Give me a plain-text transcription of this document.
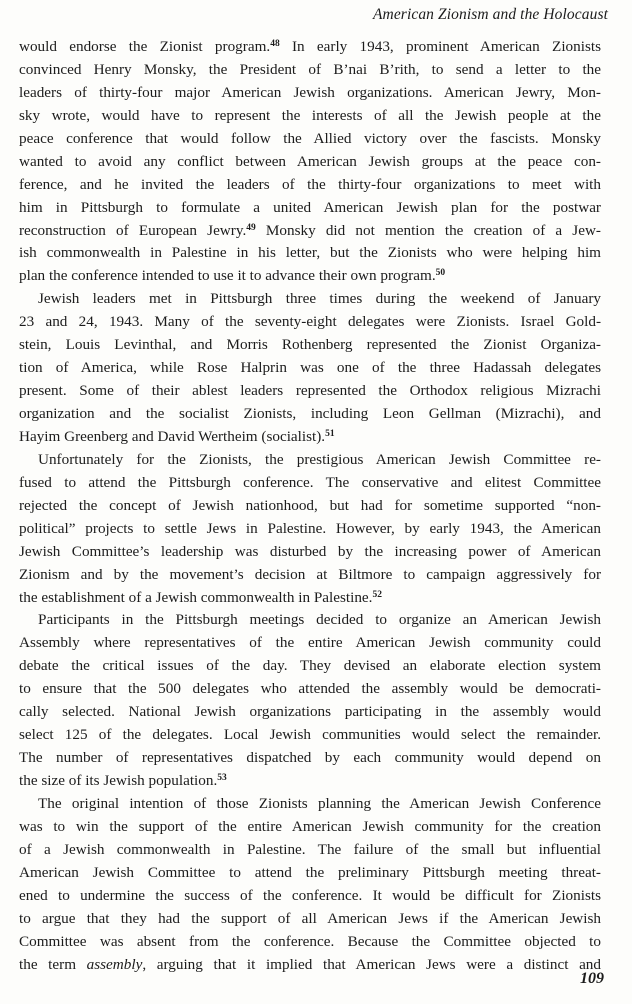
American Zionism and the Holocaust
would endorse the Zionist program.$^{48}$ In early 1943, prominent American Zionists
convinced Henry Monsky, the President of B’nai B’rith, to send a letter to the
leaders of thirty-four major American Jewish organizations. American Jewry, Mon-
sky wrote, would have to represent the interests of all the Jewish people at the
peace conference that would follow the Allied victory over the fascists. Monsky
wanted to avoid any conflict between American Jewish groups at the peace con-
ference, and he invited the leaders of the thirty-four organizations to meet with
him in Pittsburgh to formulate a united American Jewish plan for the postwar
reconstruction of European Jewry.$^{49}$ Monsky did not mention the creation of a Jew-
ish commonwealth in Palestine in his letter, but the Zionists who were helping him
plan the conference intended to use it to advance their own program.$^{50}$
Jewish leaders met in Pittsburgh three times during the weekend of January
23 and 24, 1943. Many of the seventy-eight delegates were Zionists. Israel Gold-
stein, Louis Levinthal, and Morris Rothenberg represented the Zionist Organiza-
tion of America, while Rose Halprin was one of the three Hadassah delegates
present. Some of their ablest leaders represented the Orthodox religious Mizrachi
organization and the socialist Zionists, including Leon Gellman (Mizrachi), and
Hayim Greenberg and David Wertheim (socialist).$^{51}$
Unfortunately for the Zionists, the prestigious American Jewish Committee re-
fused to attend the Pittsburgh conference. The conservative and elitest Committee
rejected the concept of Jewish nationhood, but had for sometime supported “non-
political” projects to settle Jews in Palestine. However, by early 1943, the American
Jewish Committee’s leadership was disturbed by the increasing power of American
Zionism and by the movement’s decision at Biltmore to campaign aggressively for
the establishment of a Jewish commonwealth in Palestine.$^{52}$
Participants in the Pittsburgh meetings decided to organize an American Jewish
Assembly where representatives of the entire American Jewish community could
debate the critical issues of the day. They devised an elaborate election system
to ensure that the 500 delegates who attended the assembly would be democrati-
cally selected. National Jewish organizations participating in the assembly would
select 125 of the delegates. Local Jewish communities would select the remainder.
The number of representatives dispatched by each community would depend on
the size of its Jewish population.$^{53}$
The original intention of those Zionists planning the American Jewish Conference
was to win the support of the entire American Jewish community for the creation
of a Jewish commonwealth in Palestine. The failure of the small but influential
American Jewish Committee to attend the preliminary Pittsburgh meeting threat-
ened to undermine the success of the conference. It would be difficult for Zionists
to argue that they had the support of all American Jews if the American Jewish
Committee was absent from the conference. Because the Committee objected to
the term assembly, arguing that it implied that American Jews were a distinct and
109
